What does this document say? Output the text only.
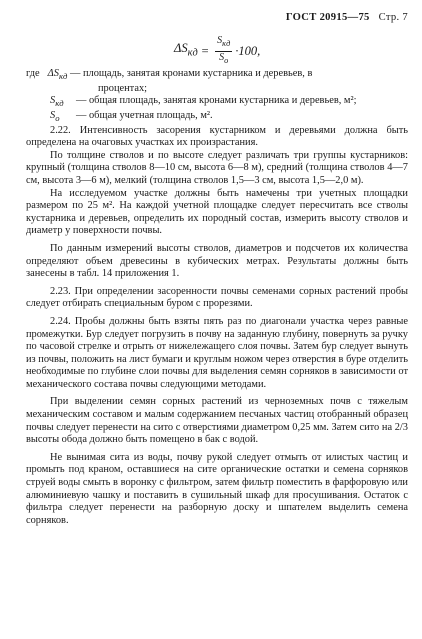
ГОСТ 20915—75 Стр. 7
$\Delta S_{кд} = \frac{S_{кд}}{S_о} \cdot 100$,
где $\Delta S_{кд}$ — площадь, занятая кронами кустарника и деревьев, в
процентах;
$S_{кд}$	— общая площадь, занятая кронами кустарника и деревьев, м²;
$S_о$	— общая учетная площадь, м².

2.22. Интенсивность засорения кустарником и деревьями должна быть определена на очаговых участках их произрастания.

По толщине стволов и по высоте следует различать три группы кустарников: крупный (толщина стволов 8—10 см, высота 6—8 м), средний (толщина стволов 4—7 см, высота 3—6 м), мелкий (толщина стволов 1,5—3 см, высота 1,5—2,0 м).

На исследуемом участке должны быть намечены три учетных площадки размером по 25 м². На каждой учетной площадке следует пересчитать все стволы кустарника и деревьев, определить их породный состав, измерить высоту стволов и диаметр у поверхности почвы.

По данным измерений высоты стволов, диаметров и подсчетов их количества определяют объем древесины в кубических метрах. Результаты должны быть занесены в табл. 14 приложения 1.

2.23. При определении засоренности почвы семенами сорных растений пробы следует отбирать специальным буром с прорезями.

2.24. Пробы должны быть взяты пять раз по диагонали участка через равные промежутки. Бур следует погрузить в почву на заданную глубину, повернуть за ручку по часовой стрелке и отрыть от нижележащего слоя почвы. Затем бур следует вынуть из почвы, положить на лист бумаги и круглым ножом через отверстия в буре отделить необходимые по глубине слои почвы для выделения семян сорняков в зависимости от механического состава почвы следующими методами.

При выделении семян сорных растений из черноземных почв с тяжелым механическим составом и малым содержанием песчаных частиц отобранный образец почвы следует перенести на сито с отверстиями диаметром 0,25 мм. Затем сито на 2/3 высоты обода должно быть помещено в бак с водой.

Не вынимая сита из воды, почву рукой следует отмыть от илистых частиц и промыть под краном, оставшиеся на сите органические остатки и семена сорняков струей воды смыть в воронку с фильтром, затем фильтр поместить в фарфоровую или алюминиевую чашку и поставить в сушильный шкаф для просушивания. Остаток с фильтра следует перенести на разборную доску и шпателем выделить семена сорняков.
